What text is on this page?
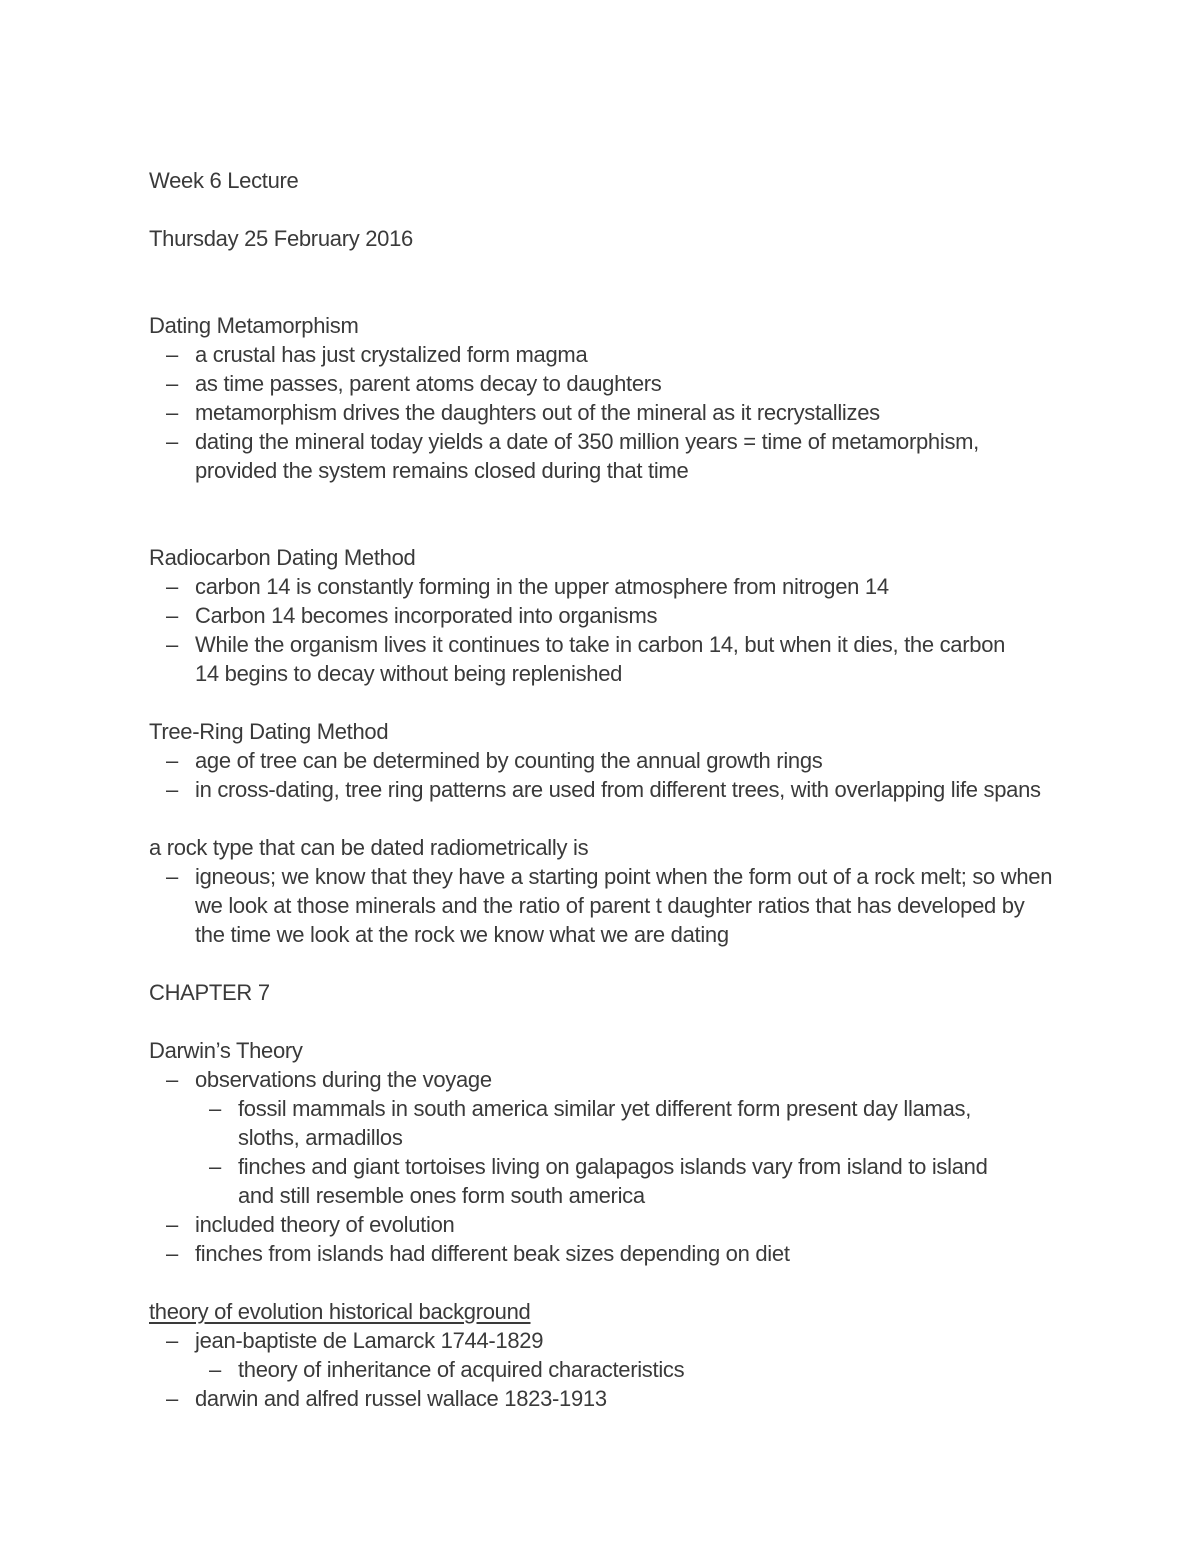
Week 6 Lecture
Thursday 25 February 2016
Dating Metamorphism
– a crustal has just crystalized form magma
– as time passes, parent atoms decay to daughters
– metamorphism drives the daughters out of the mineral as it recrystallizes
– dating the mineral today yields a date of 350 million years = time of metamorphism, provided the system remains closed during that time
Radiocarbon Dating Method
– carbon 14 is constantly forming in the upper atmosphere from nitrogen 14
– Carbon 14 becomes incorporated into organisms
– While the organism lives it continues to take in carbon 14, but when it dies, the carbon 14 begins to decay without being replenished
Tree-Ring Dating Method
– age of tree can be determined by counting the annual growth rings
– in cross-dating, tree ring patterns are used from different trees, with overlapping life spans
a rock type that can be dated radiometrically is
– igneous; we know that they have a starting point when the form out of a rock melt; so when we look at those minerals and the ratio of parent t daughter ratios that has developed by the time we look at the rock we know what we are dating
CHAPTER 7
Darwin’s Theory
– observations during the voyage
– fossil mammals in south america similar yet different form present day llamas, sloths, armadillos
– finches and giant tortoises living on galapagos islands vary from island to island and still resemble ones form south america
– included theory of evolution
– finches from islands had different beak sizes depending on diet
theory of evolution historical background
– jean-baptiste de Lamarck 1744-1829
– theory of inheritance of acquired characteristics
– darwin and alfred russel wallace 1823-1913
